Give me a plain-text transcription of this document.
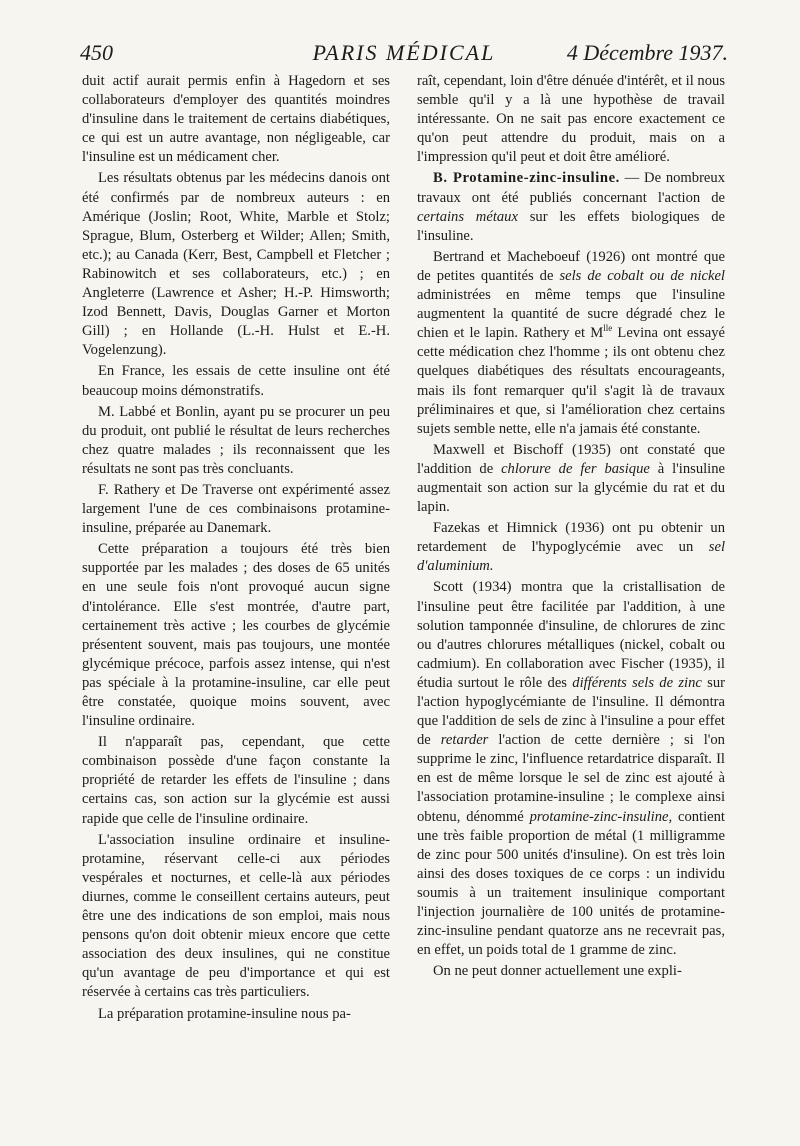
450	PARIS MÉDICAL	4 Décembre 1937.

duit actif aurait permis enfin à Hagedorn et ses collaborateurs d'employer des quantités moindres d'insuline dans le traitement de certains diabétiques, ce qui est un autre avantage, non négligeable, car l'insuline est un médicament cher.

Les résultats obtenus par les médecins danois ont été confirmés par de nombreux auteurs : en Amérique (Joslin; Root, White, Marble et Stolz; Sprague, Blum, Osterberg et Wilder; Allen; Smith, etc.); au Canada (Kerr, Best, Campbell et Fletcher ; Rabinowitch et ses collaborateurs, etc.) ; en Angleterre (Lawrence et Asher; H.-P. Himsworth; Izod Bennett, Davis, Douglas Garner et Morton Gill) ; en Hollande (L.-H. Hulst et E.-H. Vogelenzung).

En France, les essais de cette insuline ont été beaucoup moins démonstratifs.

M. Labbé et Bonlin, ayant pu se procurer un peu du produit, ont publié le résultat de leurs recherches chez quatre malades ; ils reconnaissent que les résultats ne sont pas très concluants.

F. Rathery et De Traverse ont expérimenté assez largement l'une de ces combinaisons protamine-insuline, préparée au Danemark.

Cette préparation a toujours été très bien supportée par les malades ; des doses de 65 unités en une seule fois n'ont provoqué aucun signe d'intolérance. Elle s'est montrée, d'autre part, certainement très active ; les courbes de glycémie présentent souvent, mais pas toujours, une montée glycémique précoce, parfois assez intense, qui n'est pas spéciale à la protamine-insuline, car elle peut être constatée, quoique moins souvent, avec l'insuline ordinaire.

Il n'apparaît pas, cependant, que cette combinaison possède d'une façon constante la propriété de retarder les effets de l'insuline ; dans certains cas, son action sur la glycémie est aussi rapide que celle de l'insuline ordinaire.

L'association insuline ordinaire et insuline-protamine, réservant celle-ci aux périodes vespérales et nocturnes, et celle-là aux périodes diurnes, comme le conseillent certains auteurs, peut être une des indications de son emploi, mais nous pensons qu'on doit obtenir mieux encore que cette association des deux insulines, qui ne constitue qu'un avantage de peu d'importance et qui est réservée à certains cas très particuliers.

La préparation protamine-insuline nous pa-

raît, cependant, loin d'être dénuée d'intérêt, et il nous semble qu'il y a là une hypothèse de travail intéressante. On ne sait pas encore exactement ce qu'on peut attendre du produit, mais on a l'impression qu'il peut et doit être amélioré.

B. Protamine-zinc-insuline. — De nombreux travaux ont été publiés concernant l'action de certains métaux sur les effets biologiques de l'insuline.

Bertrand et Macheboeuf (1926) ont montré que de petites quantités de sels de cobalt ou de nickel administrées en même temps que l'insuline augmentent la quantité de sucre dégradé chez le chien et le lapin. Rathery et $M^{lle}$ Levina ont essayé cette médication chez l'homme ; ils ont obtenu chez quelques diabétiques des résultats encourageants, mais ils font remarquer qu'il s'agit là de travaux préliminaires et que, si l'amélioration chez certains sujets semble nette, elle n'a jamais été constante.

Maxwell et Bischoff (1935) ont constaté que l'addition de chlorure de fer basique à l'insuline augmentait son action sur la glycémie du rat et du lapin.

Fazekas et Himnick (1936) ont pu obtenir un retardement de l'hypoglycémie avec un sel d'aluminium.

Scott (1934) montra que la cristallisation de l'insuline peut être facilitée par l'addition, à une solution tamponnée d'insuline, de chlorures de zinc ou d'autres chlorures métalliques (nickel, cobalt ou cadmium). En collaboration avec Fischer (1935), il étudia surtout le rôle des différents sels de zinc sur l'action hypoglycémiante de l'insuline. Il démontra que l'addition de sels de zinc à l'insuline a pour effet de retarder l'action de cette dernière ; si l'on supprime le zinc, l'influence retardatrice disparaît. Il en est de même lorsque le sel de zinc est ajouté à l'association protamine-insuline ; le complexe ainsi obtenu, dénommé protamine-zinc-insuline, contient une très faible proportion de métal (1 milligramme de zinc pour 500 unités d'insuline). On est très loin ainsi des doses toxiques de ce corps : un individu soumis à un traitement insulinique comportant l'injection journalière de 100 unités de protamine-zinc-insuline pendant quatorze ans ne recevrait pas, en effet, un poids total de 1 gramme de zinc.

On ne peut donner actuellement une expli-
